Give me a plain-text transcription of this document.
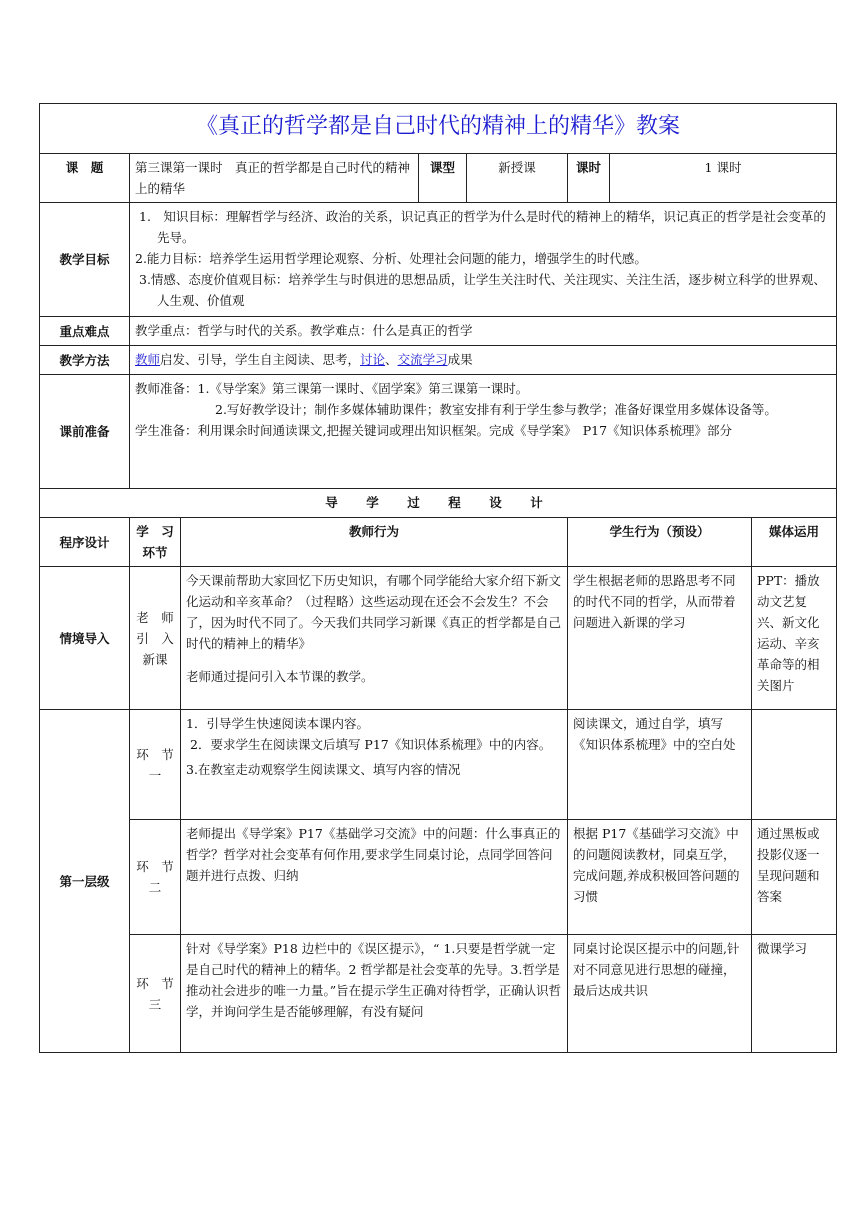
《真正的哲学都是自己时代的精神上的精华》教案							
课　题	第三课第一课时　真正的哲学都是自己时代的精神上的精华		课型	新授课	课时	1 课时	
教学目标	1.　知识目标：理解哲学与经济、政治的关系，识记真正的哲学为什么是时代的精神上的精华，识记真正的哲学是社会变革的先导。

2.能力目标：培养学生运用哲学理论观察、分析、处理社会问题的能力，增强学生的时代感。

3.情感、态度价值观目标：培养学生与时俱进的思想品质，让学生关注时代、关注现实、关注生活，逐步树立科学的世界观、人生观、价值观						

重点难点	教学重点：哲学与时代的关系。教学难点：什么是真正的哲学						
教学方法	教师启发、引导，学生自主阅读、思考，讨论、交流学习成果						
课前准备	教师准备：1.《导学案》第三课第一课时、《固学案》第三课第一课时。

2.写好教学设计；制作多媒体辅助课件；教室安排有利于学生参与教学；准备好课堂用多媒体设备等。

学生准备：利用课余时间通读课文,把握关键词或理出知识框架。完成《导学案》　P17《知识体系梳理》部分						

导　学　过　程　设　计							
程序设计	学　习环节	教师行为			学生行为（预设）		媒体运用
情境导入	老　师引　入新课	今天课前帮助大家回忆下历史知识，有哪个同学能给大家介绍下新文化运动和辛亥革命？（过程略）这些运动现在还会不会发生？不会了，因为时代不同了。今天我们共同学习新课《真正的哲学都是自己时代的精神上的精华》

老师通过提问引入本节课的教学。			学生根据老师的思路思考不同的时代不同的哲学，从而带着问题进入新课的学习		PPT：播放动文艺复兴、新文化运动、辛亥革命等的相关图片
第一层级	环　节一	1．引导学生快速阅读本课内容。

2．要求学生在阅读课文后填写 P17《知识体系梳理》中的内容。

3.在教室走动观察学生阅读课文、填写内容的情况			阅读课文，通过自学，填写《知识体系梳理》中的空白处		
	环　节二	老师提出《导学案》P17《基础学习交流》中的问题：什么事真正的哲学？哲学对社会变革有何作用,要求学生同桌讨论，点同学回答问题并进行点拨、归纳			根据 P17《基础学习交流》中的问题阅读教材，同桌互学，完成问题,养成积极回答问题的习惯		通过黑板或投影仪逐一呈现问题和答案
	环　节三	针对《导学案》P18 边栏中的《误区提示》，“ 1.只要是哲学就一定是自己时代的精神上的精华。2 哲学都是社会变革的先导。3.哲学是推动社会进步的唯一力量。”旨在提示学生正确对待哲学，正确认识哲学，并询问学生是否能够理解，有没有疑问			同桌讨论误区提示中的问题,针对不同意见进行思想的碰撞，最后达成共识		微课学习
